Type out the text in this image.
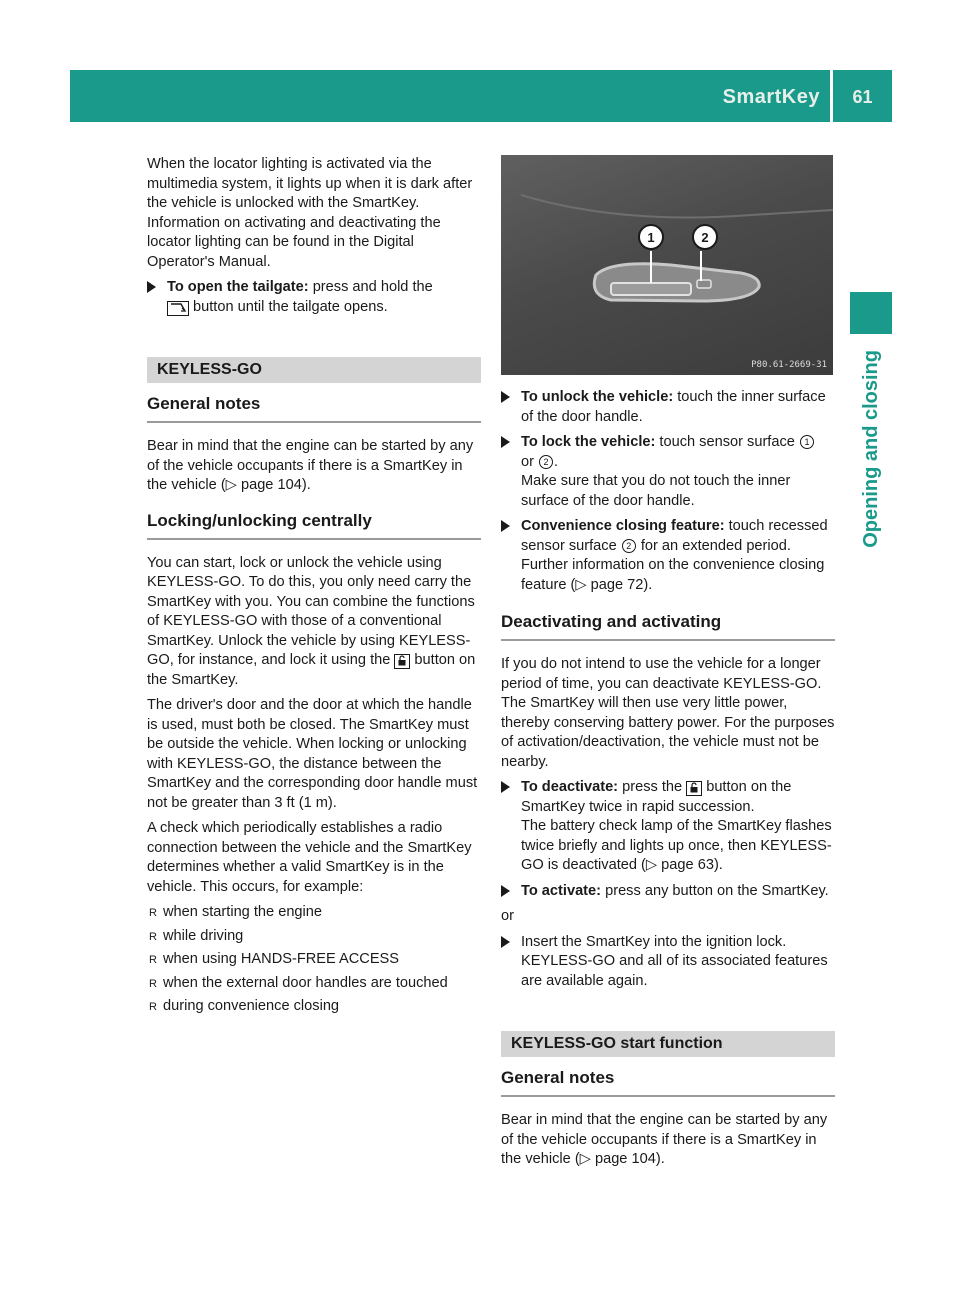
SmartKey	61
Opening and closing

When the locator lighting is activated via the multimedia system, it lights up when it is dark after the vehicle is unlocked with the SmartKey. Information on activating and deactivating the locator lighting can be found in the Digital Operator's Manual.

To open the tailgate: press and hold the
button until the tailgate opens.
KEYLESS-GO
General notes

Bear in mind that the engine can be started by any of the vehicle occupants if there is a SmartKey in the vehicle (▷ page 104).

Locking/unlocking centrally

You can start, lock or unlock the vehicle using KEYLESS-GO. To do this, you only need carry the SmartKey with you. You can combine the functions of KEYLESS-GO with those of a conventional SmartKey. Unlock the vehicle by using KEYLESS-GO, for instance, and lock it using the button on the SmartKey.

The driver's door and the door at which the handle is used, must both be closed. The SmartKey must be outside the vehicle. When locking or unlocking with KEYLESS-GO, the distance between the SmartKey and the corresponding door handle must not be greater than 3 ft (1 m).

A check which periodically establishes a radio connection between the vehicle and the SmartKey determines whether a valid SmartKey is in the vehicle. This occurs, for example:

R when starting the engine
R while driving
R when using HANDS-FREE ACCESS
R when the external door handles are touched
R during convenience closing
1	2
P80.61-2669-31
To unlock the vehicle: touch the inner surface of the door handle.
To lock the vehicle: touch sensor surface 1
or 2 .
Make sure that you do not touch the inner surface of the door handle.
Convenience closing feature: touch recessed sensor surface 2 for an extended period.
Further information on the convenience closing feature (▷ page 72).
Deactivating and activating

If you do not intend to use the vehicle for a longer period of time, you can deactivate KEYLESS-GO. The SmartKey will then use very little power, thereby conserving battery power. For the purposes of activation/deactivation, the vehicle must not be nearby.

To deactivate: press the button on the SmartKey twice in rapid succession.
The battery check lamp of the SmartKey flashes twice briefly and lights up once, then KEYLESS-GO is deactivated (▷ page 63).
To activate: press any button on the SmartKey.

or

Insert the SmartKey into the ignition lock.
KEYLESS-GO and all of its associated features are available again.
KEYLESS-GO start function
General notes

Bear in mind that the engine can be started by any of the vehicle occupants if there is a SmartKey in the vehicle (▷ page 104).
